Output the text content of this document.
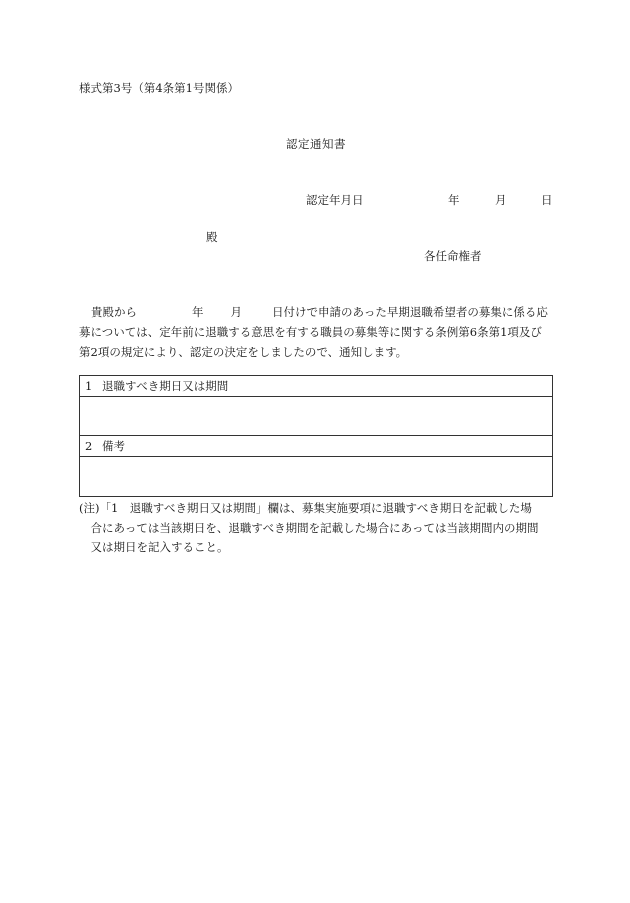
様式第3号（第4条第1号関係）
認定通知書
認定年月日	年	月	日
殿
各任命権者
貴殿から	年 月	日付けで申請のあった早期退職希望者の募集に係る応
募については、定年前に退職する意思を有する職員の募集等に関する条例第6条第1項及び
第2項の規定により、認定の決定をしましたので、通知します。
1 退職すべき期日又は期間
2 備考
(注)「1　退職すべき期日又は期間」欄は、募集実施要項に退職すべき期日を記載した場
　合にあっては当該期日を、退職すべき期間を記載した場合にあっては当該期間内の期間
　又は期日を記入すること。
